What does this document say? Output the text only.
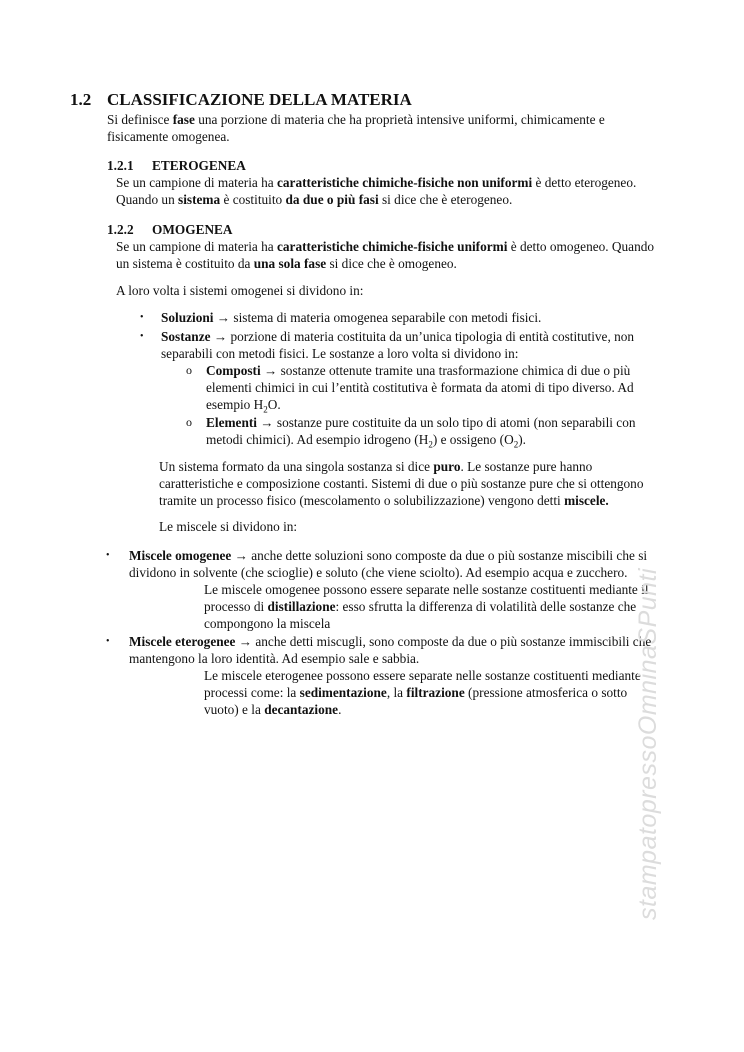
1.2 CLASSIFICAZIONE DELLA MATERIA

Si definisce fase una porzione di materia che ha proprietà intensive uniformi, chimicamente e

fisicamente omogenea.

1.2.1 ETEROGENEA

Se un campione di materia ha caratteristiche chimiche-fisiche non uniformi è detto eterogeneo.

Quando un sistema è costituito da due o più fasi si dice che è eterogeneo.

1.2.2 OMOGENEA

Se un campione di materia ha caratteristiche chimiche-fisiche uniformi è detto omogeneo. Quando

un sistema è costituito da una sola fase si dice che è omogeneo.

A loro volta i sistemi omogenei si dividono in:

• Soluzioni → sistema di materia omogenea separabile con metodi fisici.

• Sostanze → porzione di materia costituita da un’unica tipologia di entità costitutive, non

separabili con metodi fisici. Le sostanze a loro volta si dividono in:

o Composti → sostanze ottenute tramite una trasformazione chimica di due o più

elementi chimici in cui l’entità costitutiva è formata da atomi di tipo diverso. Ad

esempio $H_2O$.

o Elementi → sostanze pure costituite da un solo tipo di atomi (non separabili con

metodi chimici). Ad esempio idrogeno $(H_2)$ e ossigeno $(O_2)$.

Un sistema formato da una singola sostanza si dice puro. Le sostanze pure hanno

caratteristiche e composizione costanti. Sistemi di due o più sostanze pure che si ottengono

tramite un processo fisico (mescolamento o solubilizzazione) vengono detti miscele.

Le miscele si dividono in:

• Miscele omogenee → anche dette soluzioni sono composte da due o più sostanze miscibili che si

dividono in solvente (che scioglie) e soluto (che viene sciolto). Ad esempio acqua e zucchero.

Le miscele omogenee possono essere separate nelle sostanze costituenti mediante il

processo di distillazione: esso sfrutta la differenza di volatilità delle sostanze che

compongono la miscela

• Miscele eterogenee → anche detti miscugli, sono composte da due o più sostanze immiscibili che

mantengono la loro identità. Ad esempio sale e sabbia.

Le miscele eterogenee possono essere separate nelle sostanze costituenti mediante

processi come: la sedimentazione, la filtrazione (pressione atmosferica o sotto

vuoto) e la decantazione.	stampatopressoOmninaSPunti
